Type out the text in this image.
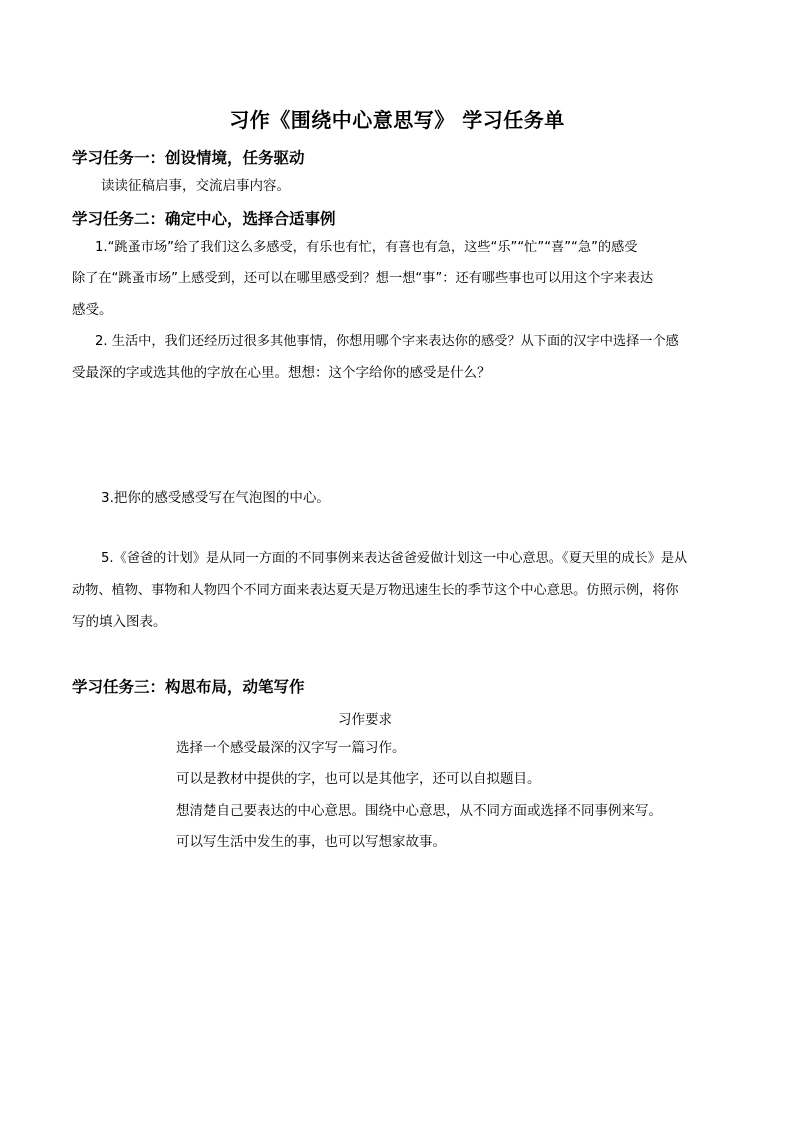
习作《围绕中心意思写》 学习任务单
学习任务一：创设情境，任务驱动
读读征稿启事，交流启事内容。
学习任务二：确定中心，选择合适事例
1.“跳蚤市场”给了我们这么多感受，有乐也有忙，有喜也有急，这些“乐”“忙”“喜”“急”的感受
除了在“跳蚤市场”上感受到，还可以在哪里感受到？想一想“事”：还有哪些事也可以用这个字来表达
感受。
2. 生活中，我们还经历过很多其他事情，你想用哪个字来表达你的感受？从下面的汉字中选择一个感
受最深的字或选其他的字放在心里。想想：这个字给你的感受是什么？
3.把你的感受感受写在气泡图的中心。
5.《爸爸的计划》是从同一方面的不同事例来表达爸爸爱做计划这一中心意思。《夏天里的成长》是从
动物、植物、事物和人物四个不同方面来表达夏天是万物迅速生长的季节这个中心意思。仿照示例，将你
写的填入图表。
学习任务三：构思布局，动笔写作
习作要求
选择一个感受最深的汉字写一篇习作。
可以是教材中提供的字，也可以是其他字，还可以自拟题目。
想清楚自己要表达的中心意思。围绕中心意思，从不同方面或选择不同事例来写。
可以写生活中发生的事，也可以写想家故事。
